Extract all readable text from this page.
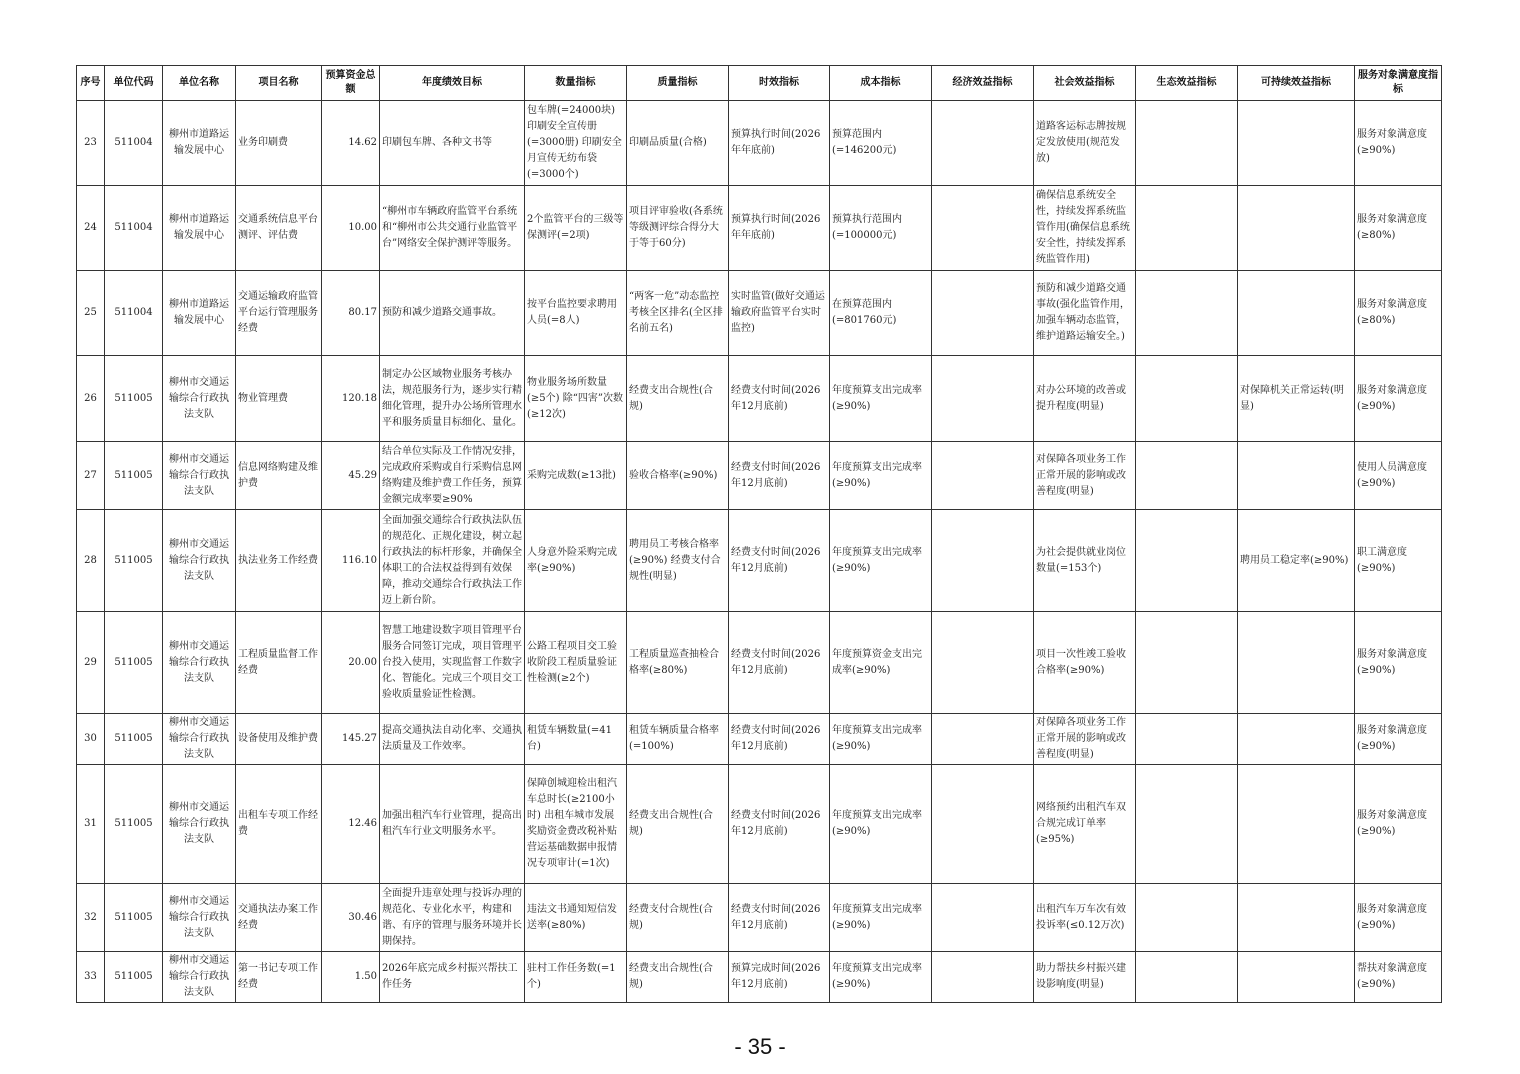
序号	单位代码	单位名称	项目名称	预算资金总额	年度绩效目标	数量指标	质量指标	时效指标	成本指标	经济效益指标	社会效益指标	生态效益指标	可持续效益指标	服务对象满意度指标
23	511004	柳州市道路运输发展中心	业务印刷费	14.62	印刷包车牌、各种文书等	包车牌(=24000块) 印刷安全宣传册(=3000册) 印刷安全月宣传无纺布袋(=3000个)	印刷品质量(合格)	预算执行时间(2026年年底前)	预算范围内(=146200元)		道路客运标志牌按规定发放使用(规范发放)			服务对象满意度(≥90%)
24	511004	柳州市道路运输发展中心	交通系统信息平台测评、评估费	10.00	“柳州市车辆政府监管平台系统和“柳州市公共交通行业监管平台”网络安全保护测评等服务。	2个监管平台的三级等保测评(=2项)	项目评审验收(各系统等级测评综合得分大于等于60分)	预算执行时间(2026年年底前)	预算执行范围内(=100000元)		确保信息系统安全性，持续发挥系统监管作用(确保信息系统安全性，持续发挥系统监管作用)			服务对象满意度(≥80%)
25	511004	柳州市道路运输发展中心	交通运输政府监管平台运行管理服务经费	80.17	预防和减少道路交通事故。	按平台监控要求聘用人员(=8人)	“两客一危”动态监控考核全区排名(全区排名前五名)	实时监管(做好交通运输政府监管平台实时监控)	在预算范围内(=801760元)		预防和减少道路交通事故(强化监管作用，加强车辆动态监管，维护道路运输安全。)			服务对象满意度(≥80%)
26	511005	柳州市交通运输综合行政执法支队	物业管理费	120.18	制定办公区域物业服务考核办法，规范服务行为，逐步实行精细化管理，提升办公场所管理水平和服务质量目标细化、量化。	物业服务场所数量(≥5个) 除“四害”次数(≥12次)	经费支出合规性(合规)	经费支付时间(2026年12月底前)	年度预算支出完成率(≥90%)		对办公环境的改善或提升程度(明显)		对保障机关正常运转(明显)	服务对象满意度(≥90%)
27	511005	柳州市交通运输综合行政执法支队	信息网络购建及维护费	45.29	结合单位实际及工作情况安排，完成政府采购或自行采购信息网络购建及维护费工作任务，预算金额完成率要≥90%	采购完成数(≥13批)	验收合格率(≥90%)	经费支付时间(2026年12月底前)	年度预算支出完成率(≥90%)		对保障各项业务工作正常开展的影响或改善程度(明显)			使用人员满意度(≥90%)
28	511005	柳州市交通运输综合行政执法支队	执法业务工作经费	116.10	全面加强交通综合行政执法队伍的规范化、正规化建设，树立起行政执法的标杆形象，并确保全体职工的合法权益得到有效保障，推动交通综合行政执法工作迈上新台阶。	人身意外险采购完成率(≥90%)	聘用员工考核合格率(≥90%) 经费支付合规性(明显)	经费支付时间(2026年12月底前)	年度预算支出完成率(≥90%)		为社会提供就业岗位数量(=153个)		聘用员工稳定率(≥90%)	职工满意度(≥90%)
29	511005	柳州市交通运输综合行政执法支队	工程质量监督工作经费	20.00	智慧工地建设数字项目管理平台服务合同签订完成，项目管理平台投入使用，实现监督工作数字化、智能化。完成三个项目交工验收质量验证性检测。	公路工程项目交工验收阶段工程质量验证性检测(≥2个)	工程质量巡查抽检合格率(≥80%)	经费支付时间(2026年12月底前)	年度预算资金支出完成率(≥90%)		项目一次性竣工验收合格率(≥90%)			服务对象满意度(≥90%)
30	511005	柳州市交通运输综合行政执法支队	设备使用及维护费	145.27	提高交通执法自动化率、交通执法质量及工作效率。	租赁车辆数量(=41台)	租赁车辆质量合格率(=100%)	经费支付时间(2026年12月底前)	年度预算支出完成率(≥90%)		对保障各项业务工作正常开展的影响或改善程度(明显)			服务对象满意度(≥90%)
31	511005	柳州市交通运输综合行政执法支队	出租车专项工作经费	12.46	加强出租汽车行业管理，提高出租汽车行业文明服务水平。	保障创城迎检出租汽车总时长(≥2100小时) 出租车城市发展奖励资金费改税补贴营运基础数据申报情况专项审计(=1次)	经费支出合规性(合规)	经费支付时间(2026年12月底前)	年度预算支出完成率(≥90%)		网络预约出租汽车双合规完成订单率(≥95%)			服务对象满意度(≥90%)
32	511005	柳州市交通运输综合行政执法支队	交通执法办案工作经费	30.46	全面提升违章处理与投诉办理的规范化、专业化水平，构建和谐、有序的管理与服务环境并长期保持。	违法文书通知短信发送率(≥80%)	经费支付合规性(合规)	经费支付时间(2026年12月底前)	年度预算支出完成率(≥90%)		出租汽车万车次有效投诉率(≤0.12万次)			服务对象满意度(≥90%)
33	511005	柳州市交通运输综合行政执法支队	第一书记专项工作经费	1.50	2026年底完成乡村振兴帮扶工作任务	驻村工作任务数(=1个)	经费支出合规性(合规)	预算完成时间(2026年12月底前)	年度预算支出完成率(≥90%)		助力帮扶乡村振兴建设影响度(明显)			帮扶对象满意度(≥90%)
- 35 -
